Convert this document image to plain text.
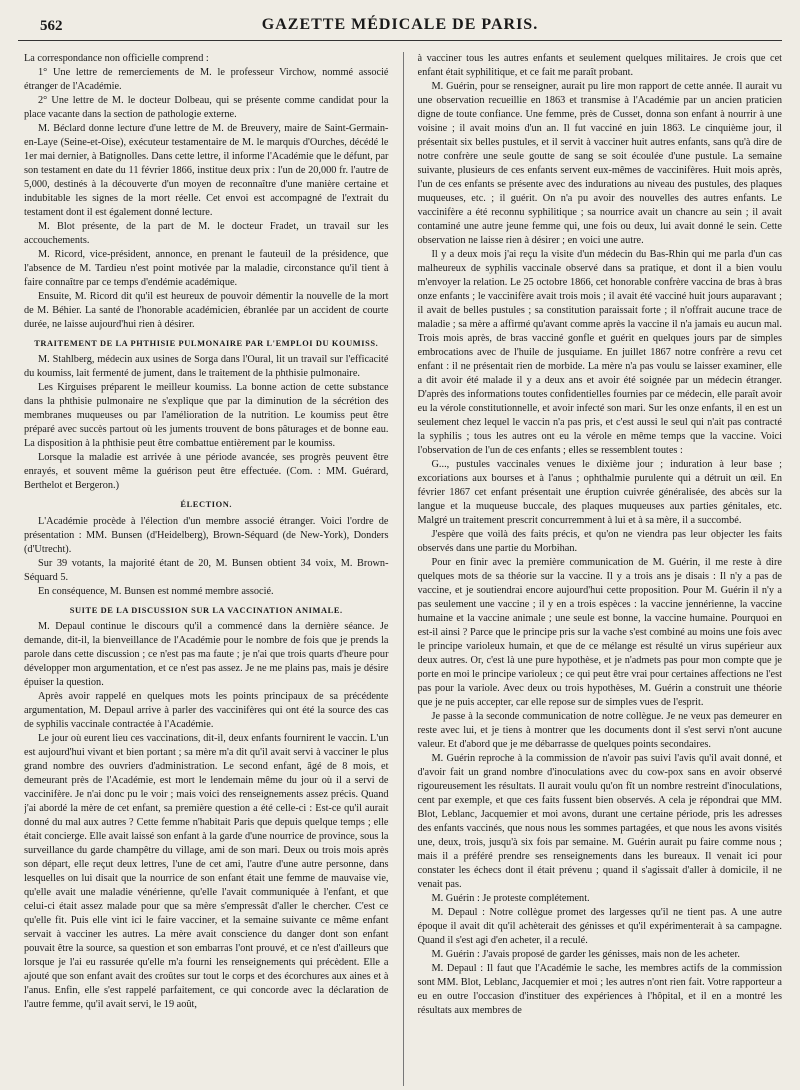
562	GAZETTE MÉDICALE DE PARIS.

La correspondance non officielle comprend :

1° Une lettre de remerciements de M. le professeur Virchow, nommé associé étranger de l'Académie.

2° Une lettre de M. le docteur Dolbeau, qui se présente comme candidat pour la place vacante dans la section de pathologie externe.

M. Béclard donne lecture d'une lettre de M. de Breuvery, maire de Saint-Germain-en-Laye (Seine-et-Oise), exécuteur testamentaire de M. le marquis d'Ourches, décédé le 1er mai dernier, à Batignolles. Dans cette lettre, il informe l'Académie que le défunt, par son testament en date du 11 février 1866, institue deux prix : l'un de 20,000 fr. l'autre de 5,000, destinés à la découverte d'un moyen de reconnaître d'une manière certaine et indubitable les signes de la mort réelle. Cet envoi est accompagné de l'extrait du testament dont il est également donné lecture.

M. Blot présente, de la part de M. le docteur Fradet, un travail sur les accouchements.

M. Ricord, vice-président, annonce, en prenant le fauteuil de la présidence, que l'absence de M. Tardieu n'est point motivée par la maladie, circonstance qu'il tient à faire connaître par ce temps d'endémie académique.

Ensuite, M. Ricord dit qu'il est heureux de pouvoir démentir la nouvelle de la mort de M. Béhier. La santé de l'honorable académicien, ébranlée par un accident de courte durée, ne laisse aujourd'hui rien à désirer.

TRAITEMENT DE LA PHTHISIE PULMONAIRE PAR L'EMPLOI DU KOUMISS.

M. Stahlberg, médecin aux usines de Sorga dans l'Oural, lit un travail sur l'efficacité du koumiss, lait fermenté de jument, dans le traitement de la phthisie pulmonaire.

Les Kirguises préparent le meilleur koumiss. La bonne action de cette substance dans la phthisie pulmonaire ne s'explique que par la diminution de la sécrétion des membranes muqueuses ou par l'amélioration de la nutrition. Le koumiss peut être préparé avec succès partout où les juments trouvent de bons pâturages et de bonne eau. La disposition à la phthisie peut être combattue entièrement par le koumiss.

Lorsque la maladie est arrivée à une période avancée, ses progrès peuvent être enrayés, et souvent même la guérison peut être effectuée. (Com. : MM. Guérard, Berthelot et Bergeron.)

ÉLECTION.

L'Académie procède à l'élection d'un membre associé étranger. Voici l'ordre de présentation : MM. Bunsen (d'Heidelberg), Brown-Séquard (de New-York), Donders (d'Utrecht).

Sur 39 votants, la majorité étant de 20, M. Bunsen obtient 34 voix, M. Brown-Séquard 5.

En conséquence, M. Bunsen est nommé membre associé.

SUITE DE LA DISCUSSION SUR LA VACCINATION ANIMALE.

M. Depaul continue le discours qu'il a commencé dans la dernière séance. Je demande, dit-il, la bienveillance de l'Académie pour le nombre de fois que je prends la parole dans cette discussion ; ce n'est pas ma faute ; je n'ai que trois quarts d'heure pour développer mon argumentation, et ce n'est pas assez. Je ne me plains pas, mais je désire épuiser la question.

Après avoir rappelé en quelques mots les points principaux de sa précédente argumentation, M. Depaul arrive à parler des vaccinifères qui ont été la source des cas de syphilis vaccinale contractée à l'Académie.

Le jour où eurent lieu ces vaccinations, dit-il, deux enfants fournirent le vaccin. L'un est aujourd'hui vivant et bien portant ; sa mère m'a dit qu'il avait servi à vacciner le plus grand nombre des ouvriers d'administration. Le second enfant, âgé de 8 mois, et demeurant près de l'Académie, est mort le lendemain même du jour où il a servi de vaccinifère. Je n'ai donc pu le voir ; mais voici des renseignements assez précis. Quand j'ai abordé la mère de cet enfant, sa première question a été celle-ci : Est-ce qu'il aurait donné du mal aux autres ? Cette femme n'habitait Paris que depuis quelque temps ; elle était concierge. Elle avait laissé son enfant à la garde d'une nourrice de province, sous la surveillance du garde champêtre du village, ami de son mari. Deux ou trois mois après son départ, elle reçut deux lettres, l'une de cet ami, l'autre d'une autre personne, dans lesquelles on lui disait que la nourrice de son enfant était une femme de mauvaise vie, qu'elle avait une maladie vénérienne, qu'elle l'avait communiquée à l'enfant, et que celui-ci était assez malade pour que sa mère s'empressât d'aller le chercher. C'est ce qu'elle fit. Puis elle vint ici le faire vacciner, et la semaine suivante ce même enfant servait à vacciner les autres. La mère avait conscience du danger dont son enfant pouvait être la source, sa question et son embarras l'ont prouvé, et ce n'est d'ailleurs que lorsque je l'ai eu rassurée qu'elle m'a fourni les renseignements qui précèdent. Elle a ajouté que son enfant avait des croûtes sur tout le corps et des écorchures aux aines et à l'anus. Enfin, elle s'est rappelé parfaitement, ce qui concorde avec la déclaration de l'autre femme, qu'il avait servi, le 19 août,

à vacciner tous les autres enfants et seulement quelques militaires. Je crois que cet enfant était syphilitique, et ce fait me paraît probant.

M. Guérin, pour se renseigner, aurait pu lire mon rapport de cette année. Il aurait vu une observation recueillie en 1863 et transmise à l'Académie par un ancien praticien digne de toute confiance. Une femme, près de Cusset, donna son enfant à nourrir à une voisine ; il avait moins d'un an. Il fut vacciné en juin 1863. Le cinquième jour, il présentait six belles pustules, et il servit à vacciner huit autres enfants, sans qu'à dire de notre confrère une seule goutte de sang se soit écoulée d'une pustule. La semaine suivante, plusieurs de ces enfants servent eux-mêmes de vaccinifères. Huit mois après, l'un de ces enfants se présente avec des indurations au niveau des pustules, des plaques muqueuses, etc. ; il guérit. On n'a pu avoir des nouvelles des autres enfants. Le vaccinifère a été reconnu syphilitique ; sa nourrice avait un chancre au sein ; il avait contaminé une autre jeune femme qui, une fois ou deux, lui avait donné le sein. Cette observation ne laisse rien à désirer ; en voici une autre.

Il y a deux mois j'ai reçu la visite d'un médecin du Bas-Rhin qui me parla d'un cas malheureux de syphilis vaccinale observé dans sa pratique, et dont il a bien voulu m'envoyer la relation. Le 25 octobre 1866, cet honorable confrère vaccina de bras à bras onze enfants ; le vaccinifère avait trois mois ; il avait été vacciné huit jours auparavant ; il avait de belles pustules ; sa constitution paraissait forte ; il n'offrait aucune trace de maladie ; sa mère a affirmé qu'avant comme après la vaccine il n'a jamais eu aucun mal. Trois mois après, de bras vacciné gonfle et guérit en quelques jours par de simples embrocations avec de l'huile de jusquiame. En juillet 1867 notre confrère a revu cet enfant : il ne présentait rien de morbide. La mère n'a pas voulu se laisser examiner, elle a dit avoir été malade il y a deux ans et avoir été soignée par un médecin étranger. D'après des informations toutes confidentielles fournies par ce médecin, elle paraît avoir eu la vérole constitutionnelle, et avoir infecté son mari. Sur les onze enfants, il en est un seulement chez lequel le vaccin n'a pas pris, et c'est aussi le seul qui n'ait pas contracté la syphilis ; tous les autres ont eu la vérole en même temps que la vaccine. Voici l'observation de l'un de ces enfants ; elles se ressemblent toutes :

G..., pustules vaccinales venues le dixième jour ; induration à leur base ; excoriations aux bourses et à l'anus ; ophthalmie purulente qui a détruit un œil. En février 1867 cet enfant présentait une éruption cuivrée généralisée, des abcès sur la langue et la muqueuse buccale, des plaques muqueuses aux parties génitales, etc. Malgré un traitement prescrit concurremment à lui et à sa mère, il a succombé.

J'espère que voilà des faits précis, et qu'on ne viendra pas leur objecter les faits observés dans une partie du Morbihan.

Pour en finir avec la première communication de M. Guérin, il me reste à dire quelques mots de sa théorie sur la vaccine. Il y a trois ans je disais : Il n'y a pas de vaccine, et je soutiendrai encore aujourd'hui cette proposition. Pour M. Guérin il n'y a pas seulement une vaccine ; il y en a trois espèces : la vaccine jennérienne, la vaccine humaine et la vaccine animale ; une seule est bonne, la vaccine humaine. Pourquoi en est-il ainsi ? Parce que le principe pris sur la vache s'est combiné au moins une fois avec le principe varioleux humain, et que de ce mélange est résulté un virus supérieur aux deux autres. Or, c'est là une pure hypothèse, et je n'admets pas pour mon compte que je porte en moi le principe varioleux ; ce qui peut être vrai pour certaines affections ne l'est pas pour la variole. Avec deux ou trois hypothèses, M. Guérin a construit une théorie que je ne puis accepter, car elle repose sur de simples vues de l'esprit.

Je passe à la seconde communication de notre collègue. Je ne veux pas demeurer en reste avec lui, et je tiens à montrer que les documents dont il s'est servi n'ont aucune valeur. Et d'abord que je me débarrasse de quelques points secondaires.

M. Guérin reproche à la commission de n'avoir pas suivi l'avis qu'il avait donné, et d'avoir fait un grand nombre d'inoculations avec du cow-pox sans en avoir observé rigoureusement les résultats. Il aurait voulu qu'on fît un nombre restreint d'inoculations, cent par exemple, et que ces faits fussent bien observés. A cela je répondrai que MM. Blot, Leblanc, Jacquemier et moi avons, durant une certaine période, pris les adresses des enfants vaccinés, que nous nous les sommes partagées, et que nous les avons visités une, deux, trois, jusqu'à six fois par semaine. M. Guérin aurait pu faire comme nous ; mais il a préféré prendre ses renseignements dans les bureaux. Il venait ici pour constater les échecs dont il était prévenu ; quand il s'agissait d'aller à domicile, il ne venait pas.

M. Guérin : Je proteste complétement.

M. Depaul : Notre collègue promet des largesses qu'il ne tient pas. A une autre époque il avait dit qu'il achèterait des génisses et qu'il expérimenterait à sa campagne. Quand il s'est agi d'en acheter, il a reculé.

M. Guérin : J'avais proposé de garder les génisses, mais non de les acheter.

M. Depaul : Il faut que l'Académie le sache, les membres actifs de la commission sont MM. Blot, Leblanc, Jacquemier et moi ; les autres n'ont rien fait. Votre rapporteur a eu en outre l'occasion d'instituer des expériences à l'hôpital, et il en a montré les résultats aux membres de
